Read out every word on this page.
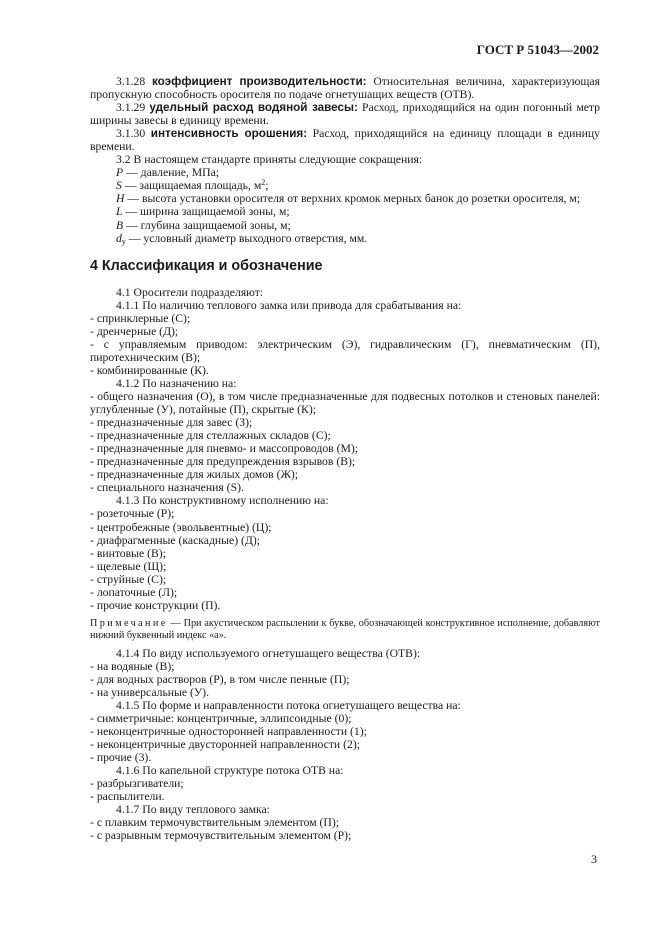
ГОСТ Р 51043—2002

3.1.28 коэффициент производительности: Относительная величина, характеризующая пропускную способность оросителя по подаче огнетушащих веществ (ОТВ).

3.1.29 удельный расход водяной завесы: Расход, приходящийся на один погонный метр ширины завесы в единицу времени.

3.1.30 интенсивность орошения: Расход, приходящийся на единицу площади в единицу времени.

3.2 В настоящем стандарте приняты следующие сокращения:

P — давление, МПа;

S — защищаемая площадь, $м^2$;

H — высота установки оросителя от верхних кромок мерных банок до розетки оросителя, м;

L — ширина защищаемой зоны, м;

B — глубина защищаемой зоны, м;

$d_у$ — условный диаметр выходного отверстия, мм.

4 Классификация и обозначение

4.1 Оросители подразделяют:

4.1.1 По наличию теплового замка или привода для срабатывания на:

- спринклерные (С);

- дренчерные (Д);

- с управляемым приводом: электрическим (Э), гидравлическим (Г), пневматическим (П), пиротехническим (В);

- комбинированные (К).

4.1.2 По назначению на:

- общего назначения (О), в том числе предназначенные для подвесных потолков и стеновых панелей: углубленные (У), потайные (П), скрытые (К);

- предназначенные для завес (З);

- предназначенные для стеллажных складов (С);

- предназначенные для пневмо- и массопроводов (М);

- предназначенные для предупреждения взрывов (В);

- предназначенные для жилых домов (Ж);

- специального назначения (S).

4.1.3 По конструктивному исполнению на:

- розеточные (Р);

- центробежные (эвольвентные) (Ц);

- диафрагменные (каскадные) (Д);

- винтовые (В);

- щелевые (Щ);

- струйные (С);

- лопаточные (Л);

- прочие конструкции (П).

Примечание — При акустическом распылении к букве, обозначающей конструктивное исполнение, добавляют нижний буквенный индекс «а».

4.1.4 По виду используемого огнетушащего вещества (ОТВ):

- на водяные (В);

- для водных растворов (Р), в том числе пенные (П);

- на универсальные (У).

4.1.5 По форме и направленности потока огнетушащего вещества на:

- симметричные: концентричные, эллипсоидные (0);

- неконцентричные односторонней направленности (1);

- неконцентричные двусторонней направленности (2);

- прочие (3).

4.1.6 По капельной структуре потока ОТВ на:

- разбрызгиватели;

- распылители.

4.1.7 По виду теплового замка:

- с плавким термочувствительным элементом (П);

- с разрывным термочувствительным элементом (Р);

3
